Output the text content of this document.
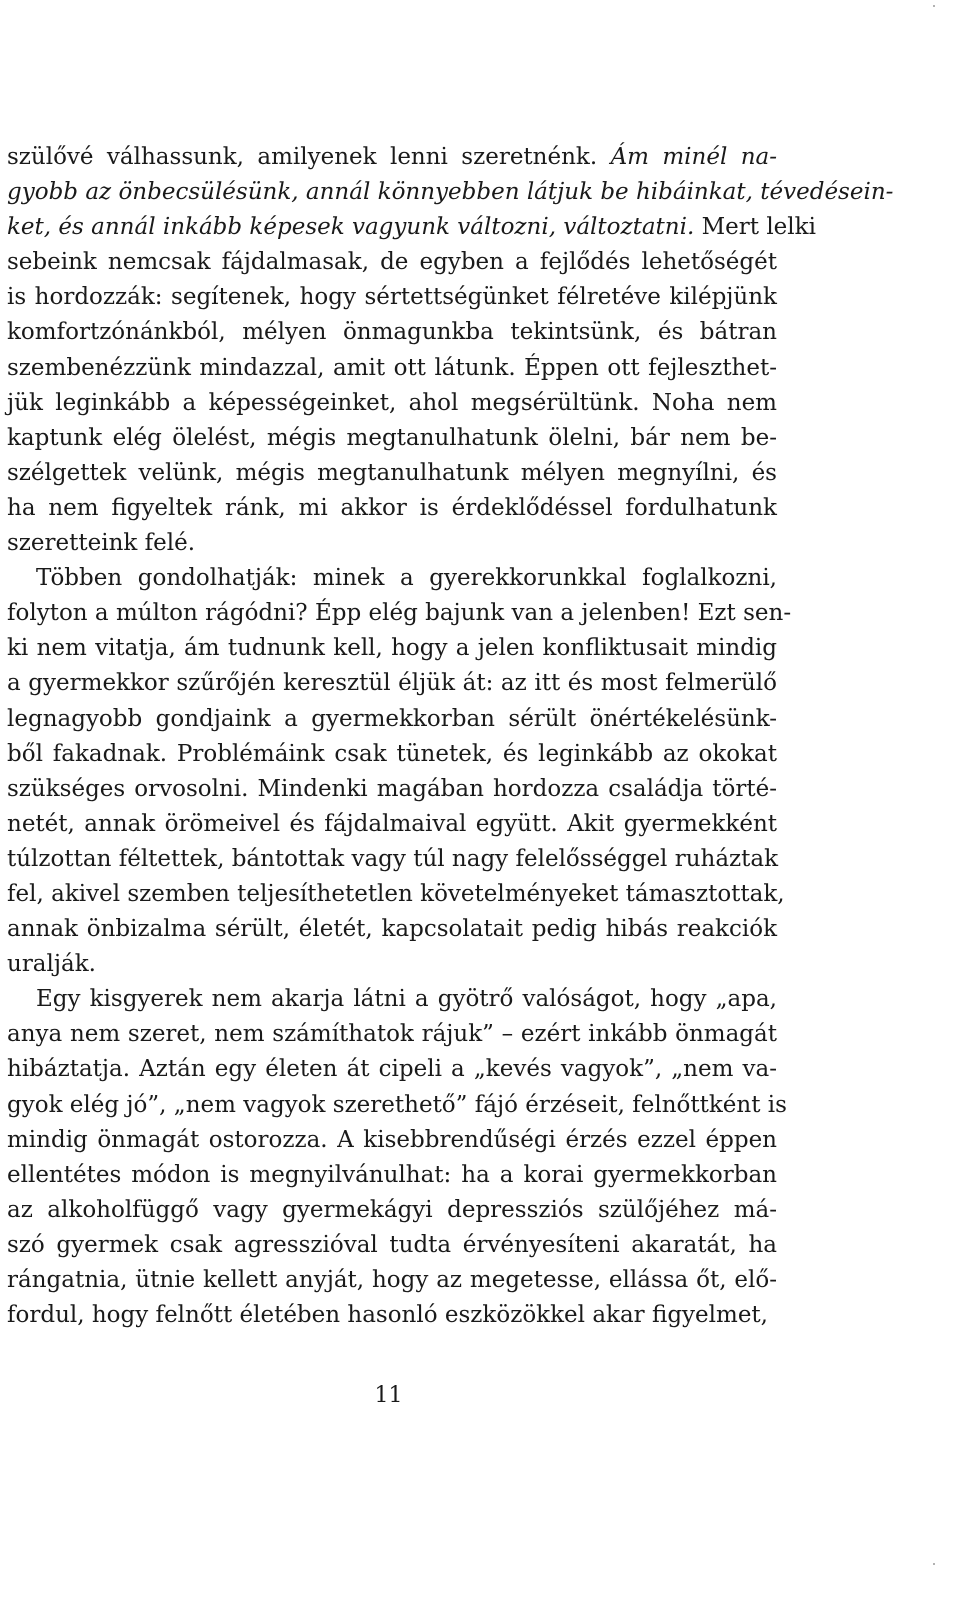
szülővé válhassunk, amilyenek lenni szeretnénk. Ám minél na-
gyobb az önbecsülésünk, annál könnyebben látjuk be hibáinkat, tévedésein-
ket, és annál inkább képesek vagyunk változni, változtatni. Mert lelki
sebeink nemcsak fájdalmasak, de egyben a fejlődés lehetőségét
is hordozzák: segítenek, hogy sértettségünket félretéve kilépjünk
komfortzónánkból, mélyen önmagunkba tekintsünk, és bátran
szembenézzünk mindazzal, amit ott látunk. Éppen ott fejleszthet-
jük leginkább a képességeinket, ahol megsérültünk. Noha nem
kaptunk elég ölelést, mégis megtanulhatunk ölelni, bár nem be-
szélgettek velünk, mégis megtanulhatunk mélyen megnyílni, és
ha nem figyeltek ránk, mi akkor is érdeklődéssel fordulhatunk
szeretteink felé.
Többen gondolhatják: minek a gyerekkorunkkal foglalkozni,
folyton a múlton rágódni? Épp elég bajunk van a jelenben! Ezt sen-
ki nem vitatja, ám tudnunk kell, hogy a jelen konfliktusait mindig
a gyermekkor szűrőjén keresztül éljük át: az itt és most felmerülő
legnagyobb gondjaink a gyermekkorban sérült önértékelésünk-
ből fakadnak. Problémáink csak tünetek, és leginkább az okokat
szükséges orvosolni. Mindenki magában hordozza családja törté-
netét, annak örömeivel és fájdalmaival együtt. Akit gyermekként
túlzottan féltettek, bántottak vagy túl nagy felelősséggel ruháztak
fel, akivel szemben teljesíthetetlen követelményeket támasztottak,
annak önbizalma sérült, életét, kapcsolatait pedig hibás reakciók
uralják.
Egy kisgyerek nem akarja látni a gyötrő valóságot, hogy „apa,
anya nem szeret, nem számíthatok rájuk” – ezért inkább önmagát
hibáztatja. Aztán egy életen át cipeli a „kevés vagyok”, „nem va-
gyok elég jó”, „nem vagyok szerethető” fájó érzéseit, felnőttként is
mindig önmagát ostorozza. A kisebbrendűségi érzés ezzel éppen
ellentétes módon is megnyilvánulhat: ha a korai gyermekkorban
az alkoholfüggő vagy gyermekágyi depressziós szülőjéhez má-
szó gyermek csak agresszióval tudta érvényesíteni akaratát, ha
rángatnia, ütnie kellett anyját, hogy az megetesse, ellássa őt, elő-
fordul, hogy felnőtt életében hasonló eszközökkel akar figyelmet,
11
